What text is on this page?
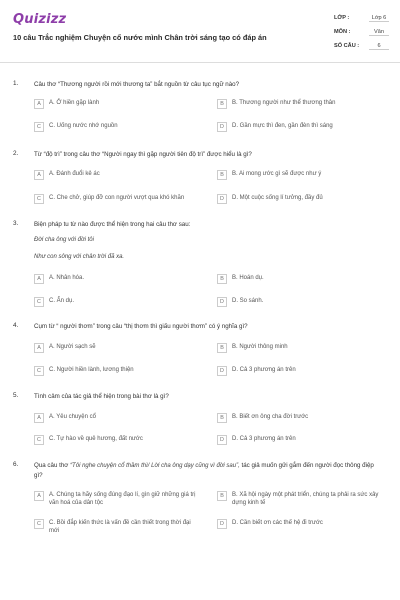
Quizizz
10 câu Trắc nghiệm Chuyện cổ nước mình Chân trời sáng tạo có đáp án
LỚP :	Lớp 6
MÔN :	Văn
SỐ CÂU :	6
1.	Câu thơ “Thương người rồi mới thương ta” bắt nguồn từ câu tục ngữ nào?
A	A. Ở hiền gặp lành	B	B. Thương người như thể thương thân
C	C. Uống nước nhớ nguồn	D	D. Gần mực thì đen, gần đèn thì sáng
2.	Từ “độ trì” trong câu thơ “Người ngay thì gặp người tiên độ trì” được hiểu là gì?
A	A. Đánh đuổi kẻ ác	B	B. Ai mong ước gì sẽ được như ý
C	C. Che chở, giúp đỡ con người vượt qua khó khăn	D	D. Một cuộc sống lí tưởng, đầy đủ
3.	Biện pháp tu từ nào được thể hiện trong hai câu thơ sau:
Đời cha ông với đời tôi
Như con sông với chân trời đã xa.
A	A. Nhân hóa.	B	B. Hoán dụ.
C	C. Ẩn dụ.	D	D. So sánh.
4.	Cụm từ “ người thơm” trong câu “thị thơm thì giấu người thơm” có ý nghĩa gì?
A	A. Người sạch sẽ	B	B. Người thông minh
C	C. Người hiền lành, lương thiện	D	D. Cả 3 phương án trên
5.	Tình cảm của tác giả thể hiện trong bài thơ là gì?
A	A. Yêu chuyện cổ	B	B. Biết ơn ông cha đời trước
C	C. Tự hào về quê hương, đất nước	D	D. Cả 3 phương án trên
6.	Qua câu thơ “Tôi nghe chuyện cổ thầm thì/ Lời cha ông dạy cũng vì đời sau”, tác giả muốn gửi gắm đến người đọc thông điệp gì?
A	A. Chúng ta hãy sống đúng đạo lí, gìn giữ những giá trị văn hoá của dân tộc
B	B. Xã hội ngày một phát triển, chúng ta phải ra sức xây dựng kinh tế
C	C. Bồi đắp kiến thức là vấn đề cần thiết trong thời đại mới
D	D. Cần biết ơn các thế hệ đi trước
